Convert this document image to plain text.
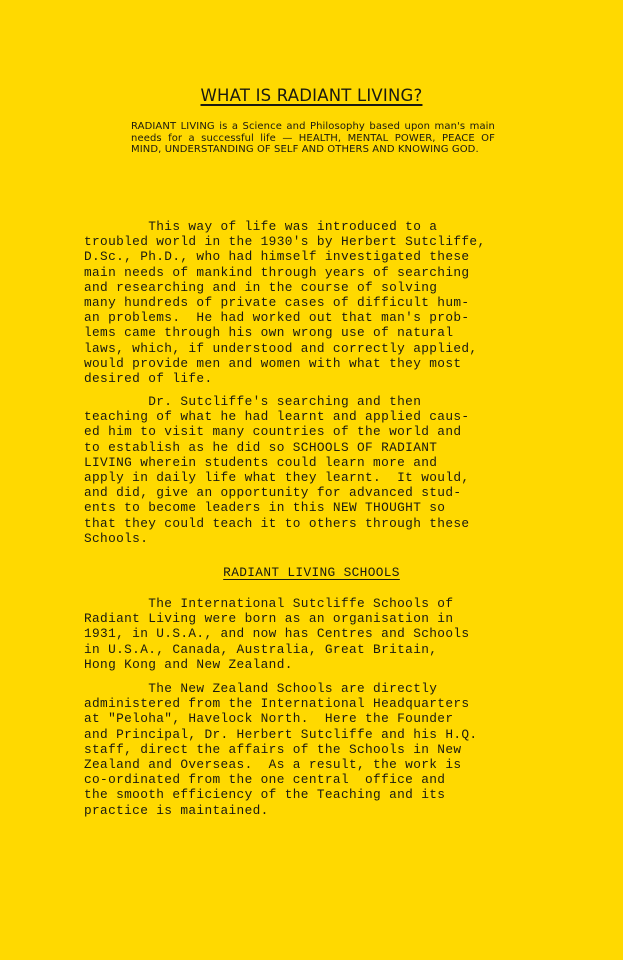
WHAT IS RADIANT LIVING?
RADIANT LIVING is a Science and Philosophy based upon man's main needs for a successful life — HEALTH, MENTAL POWER, PEACE OF MIND, UNDERSTANDING OF SELF AND OTHERS AND KNOWING GOD.
This way of life was introduced to a
troubled world in the 1930's by Herbert Sutcliffe,
D.Sc., Ph.D., who had himself investigated these
main needs of mankind through years of searching
and researching and in the course of solving
many hundreds of private cases of difficult hum-
an problems.  He had worked out that man's prob-
lems came through his own wrong use of natural
laws, which, if understood and correctly applied,
would provide men and women with what they most
desired of life.
Dr. Sutcliffe's searching and then
teaching of what he had learnt and applied caus-
ed him to visit many countries of the world and
to establish as he did so SCHOOLS OF RADIANT
LIVING wherein students could learn more and
apply in daily life what they learnt.  It would,
and did, give an opportunity for advanced stud-
ents to become leaders in this NEW THOUGHT so
that they could teach it to others through these
Schools.
RADIANT LIVING SCHOOLS
The International Sutcliffe Schools of
Radiant Living were born as an organisation in
1931, in U.S.A., and now has Centres and Schools
in U.S.A., Canada, Australia, Great Britain,
Hong Kong and New Zealand.
The New Zealand Schools are directly
administered from the International Headquarters
at "Peloha", Havelock North.  Here the Founder
and Principal, Dr. Herbert Sutcliffe and his H.Q.
staff, direct the affairs of the Schools in New
Zealand and Overseas.  As a result, the work is
co-ordinated from the one central  office and
the smooth efficiency of the Teaching and its
practice is maintained.
